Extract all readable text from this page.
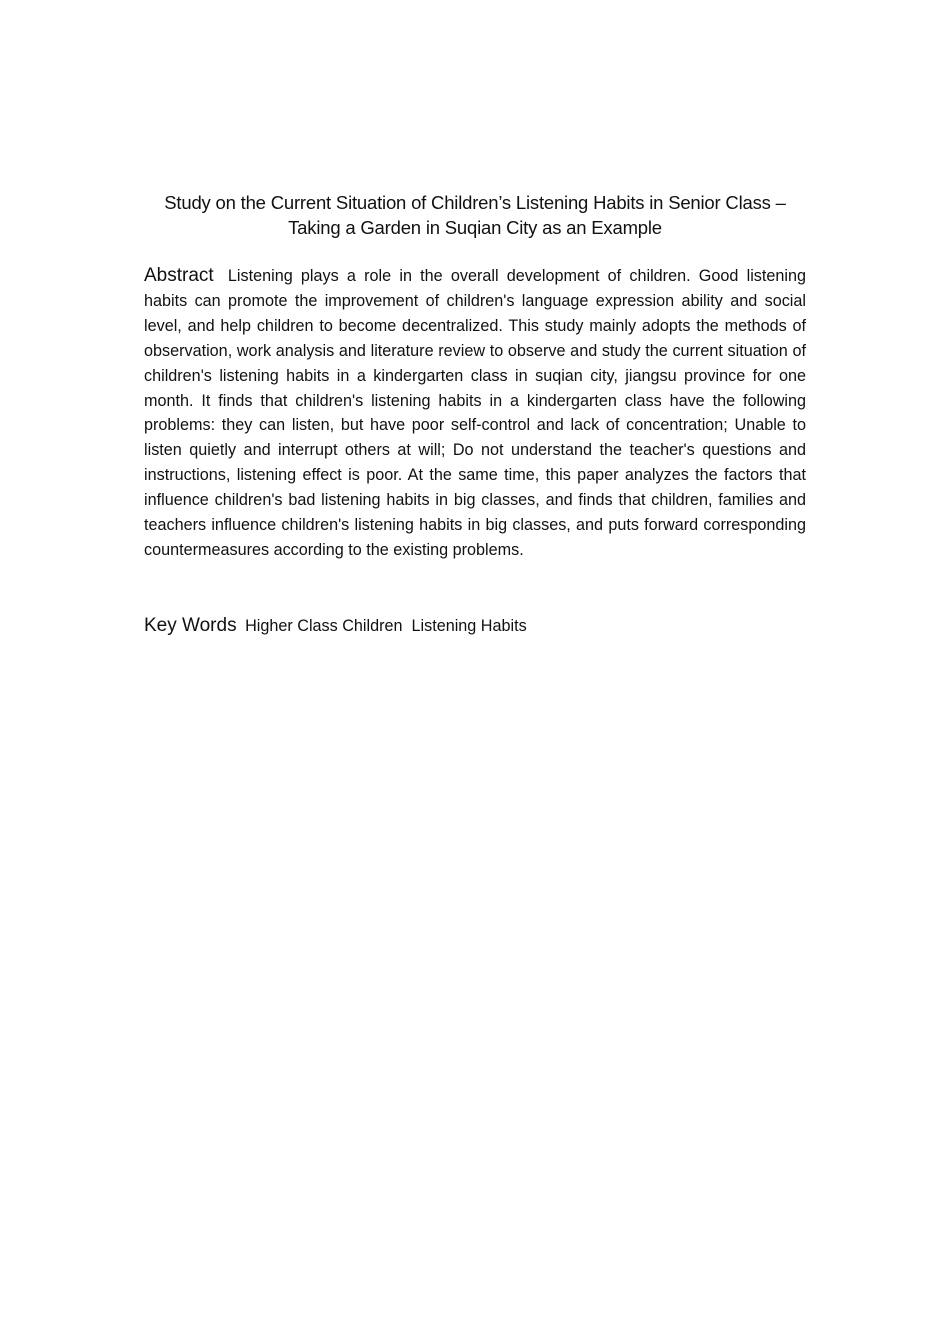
Study on the Current Situation of Children’s Listening Habits in Senior Class –
Taking a Garden in Suqian City as an Example

Abstract Listening plays a role in the overall development of children. Good listening habits can promote the improvement of children's language expression ability and social level, and help children to become decentralized. This study mainly adopts the methods of observation, work analysis and literature review to observe and study the current situation of children's listening habits in a kindergarten class in suqian city, jiangsu province for one month. It finds that children's listening habits in a kindergarten class have the following problems: they can listen, but have poor self-control and lack of concentration; Unable to listen quietly and interrupt others at will; Do not understand the teacher's questions and instructions, listening effect is poor. At the same time, this paper analyzes the factors that influence children's bad listening habits in big classes, and finds that children, families and teachers influence children's listening habits in big classes, and puts forward corresponding countermeasures according to the existing problems.

Key Words Higher Class Children  Listening Habits
